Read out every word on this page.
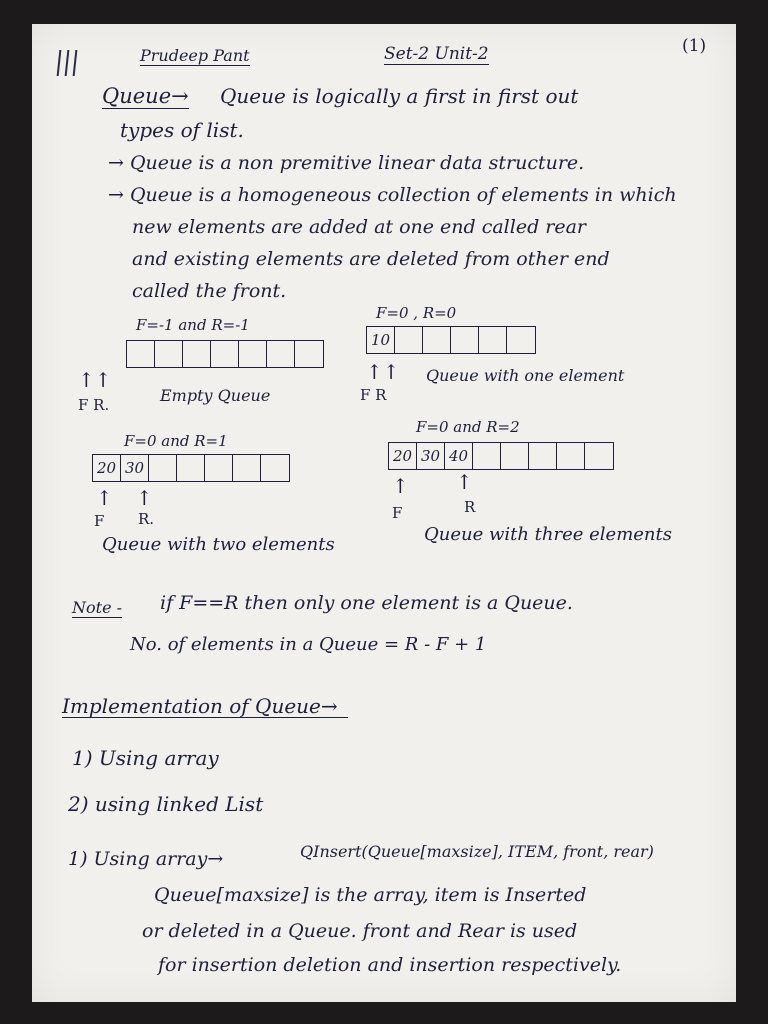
Prudeep Pant	Set-2 Unit-2	(1)
Queue→ Queue is logically a first in first out
types of list.
→ Queue is a non premitive linear data structure.
→ Queue is a homogeneous collection of elements in which
new elements are added at one end called rear
and existing elements are deleted from other end
called the front.
F=-1 and R=-1
↑↑
F R.	Empty Queue
F=0 , R=0
10
↑↑
F R
Queue with one element
F=0 and R=1
20 30
↑ ↑
F R.
Queue with two elements
F=0 and R=2
20 30 40
↑ ↑
F	R
Queue with three elements
Note - if F==R then only one element is a Queue.
No. of elements in a Queue = R - F + 1
Implementation of Queue→
1) Using array
2) using linked List
1) Using array→	QInsert(Queue[maxsize], ITEM, front, rear)
Queue[maxsize] is the array, item is Inserted
or deleted in a Queue. front and Rear is used
for insertion deletion and insertion respectively.
